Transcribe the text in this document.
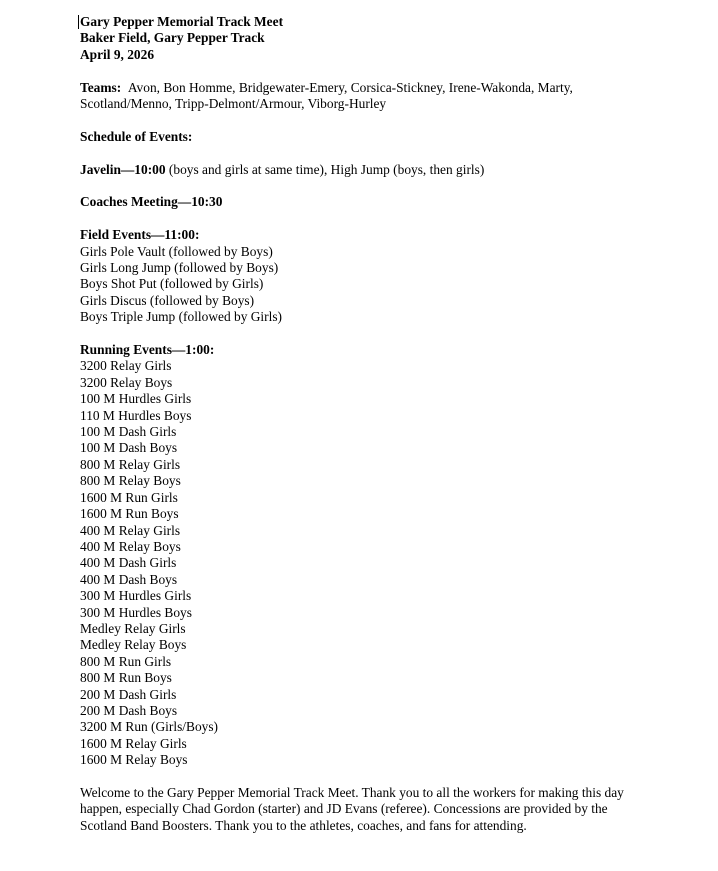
Gary Pepper Memorial Track Meet
Baker Field, Gary Pepper Track
April 9, 2026
Teams: Avon, Bon Homme, Bridgewater-Emery, Corsica-Stickney, Irene-Wakonda, Marty,
Scotland/Menno, Tripp-Delmont/Armour, Viborg-Hurley
Schedule of Events:
Javelin—10:00 (boys and girls at same time), High Jump (boys, then girls)
Coaches Meeting—10:30
Field Events—11:00:
Girls Pole Vault (followed by Boys)
Girls Long Jump (followed by Boys)
Boys Shot Put (followed by Girls)
Girls Discus (followed by Boys)
Boys Triple Jump (followed by Girls)
Running Events—1:00:
3200 Relay Girls
3200 Relay Boys
100 M Hurdles Girls
110 M Hurdles Boys
100 M Dash Girls
100 M Dash Boys
800 M Relay Girls
800 M Relay Boys
1600 M Run Girls
1600 M Run Boys
400 M Relay Girls
400 M Relay Boys
400 M Dash Girls
400 M Dash Boys
300 M Hurdles Girls
300 M Hurdles Boys
Medley Relay Girls
Medley Relay Boys
800 M Run Girls
800 M Run Boys
200 M Dash Girls
200 M Dash Boys
3200 M Run (Girls/Boys)
1600 M Relay Girls
1600 M Relay Boys
Welcome to the Gary Pepper Memorial Track Meet. Thank you to all the workers for making this day
happen, especially Chad Gordon (starter) and JD Evans (referee). Concessions are provided by the
Scotland Band Boosters. Thank you to the athletes, coaches, and fans for attending.
